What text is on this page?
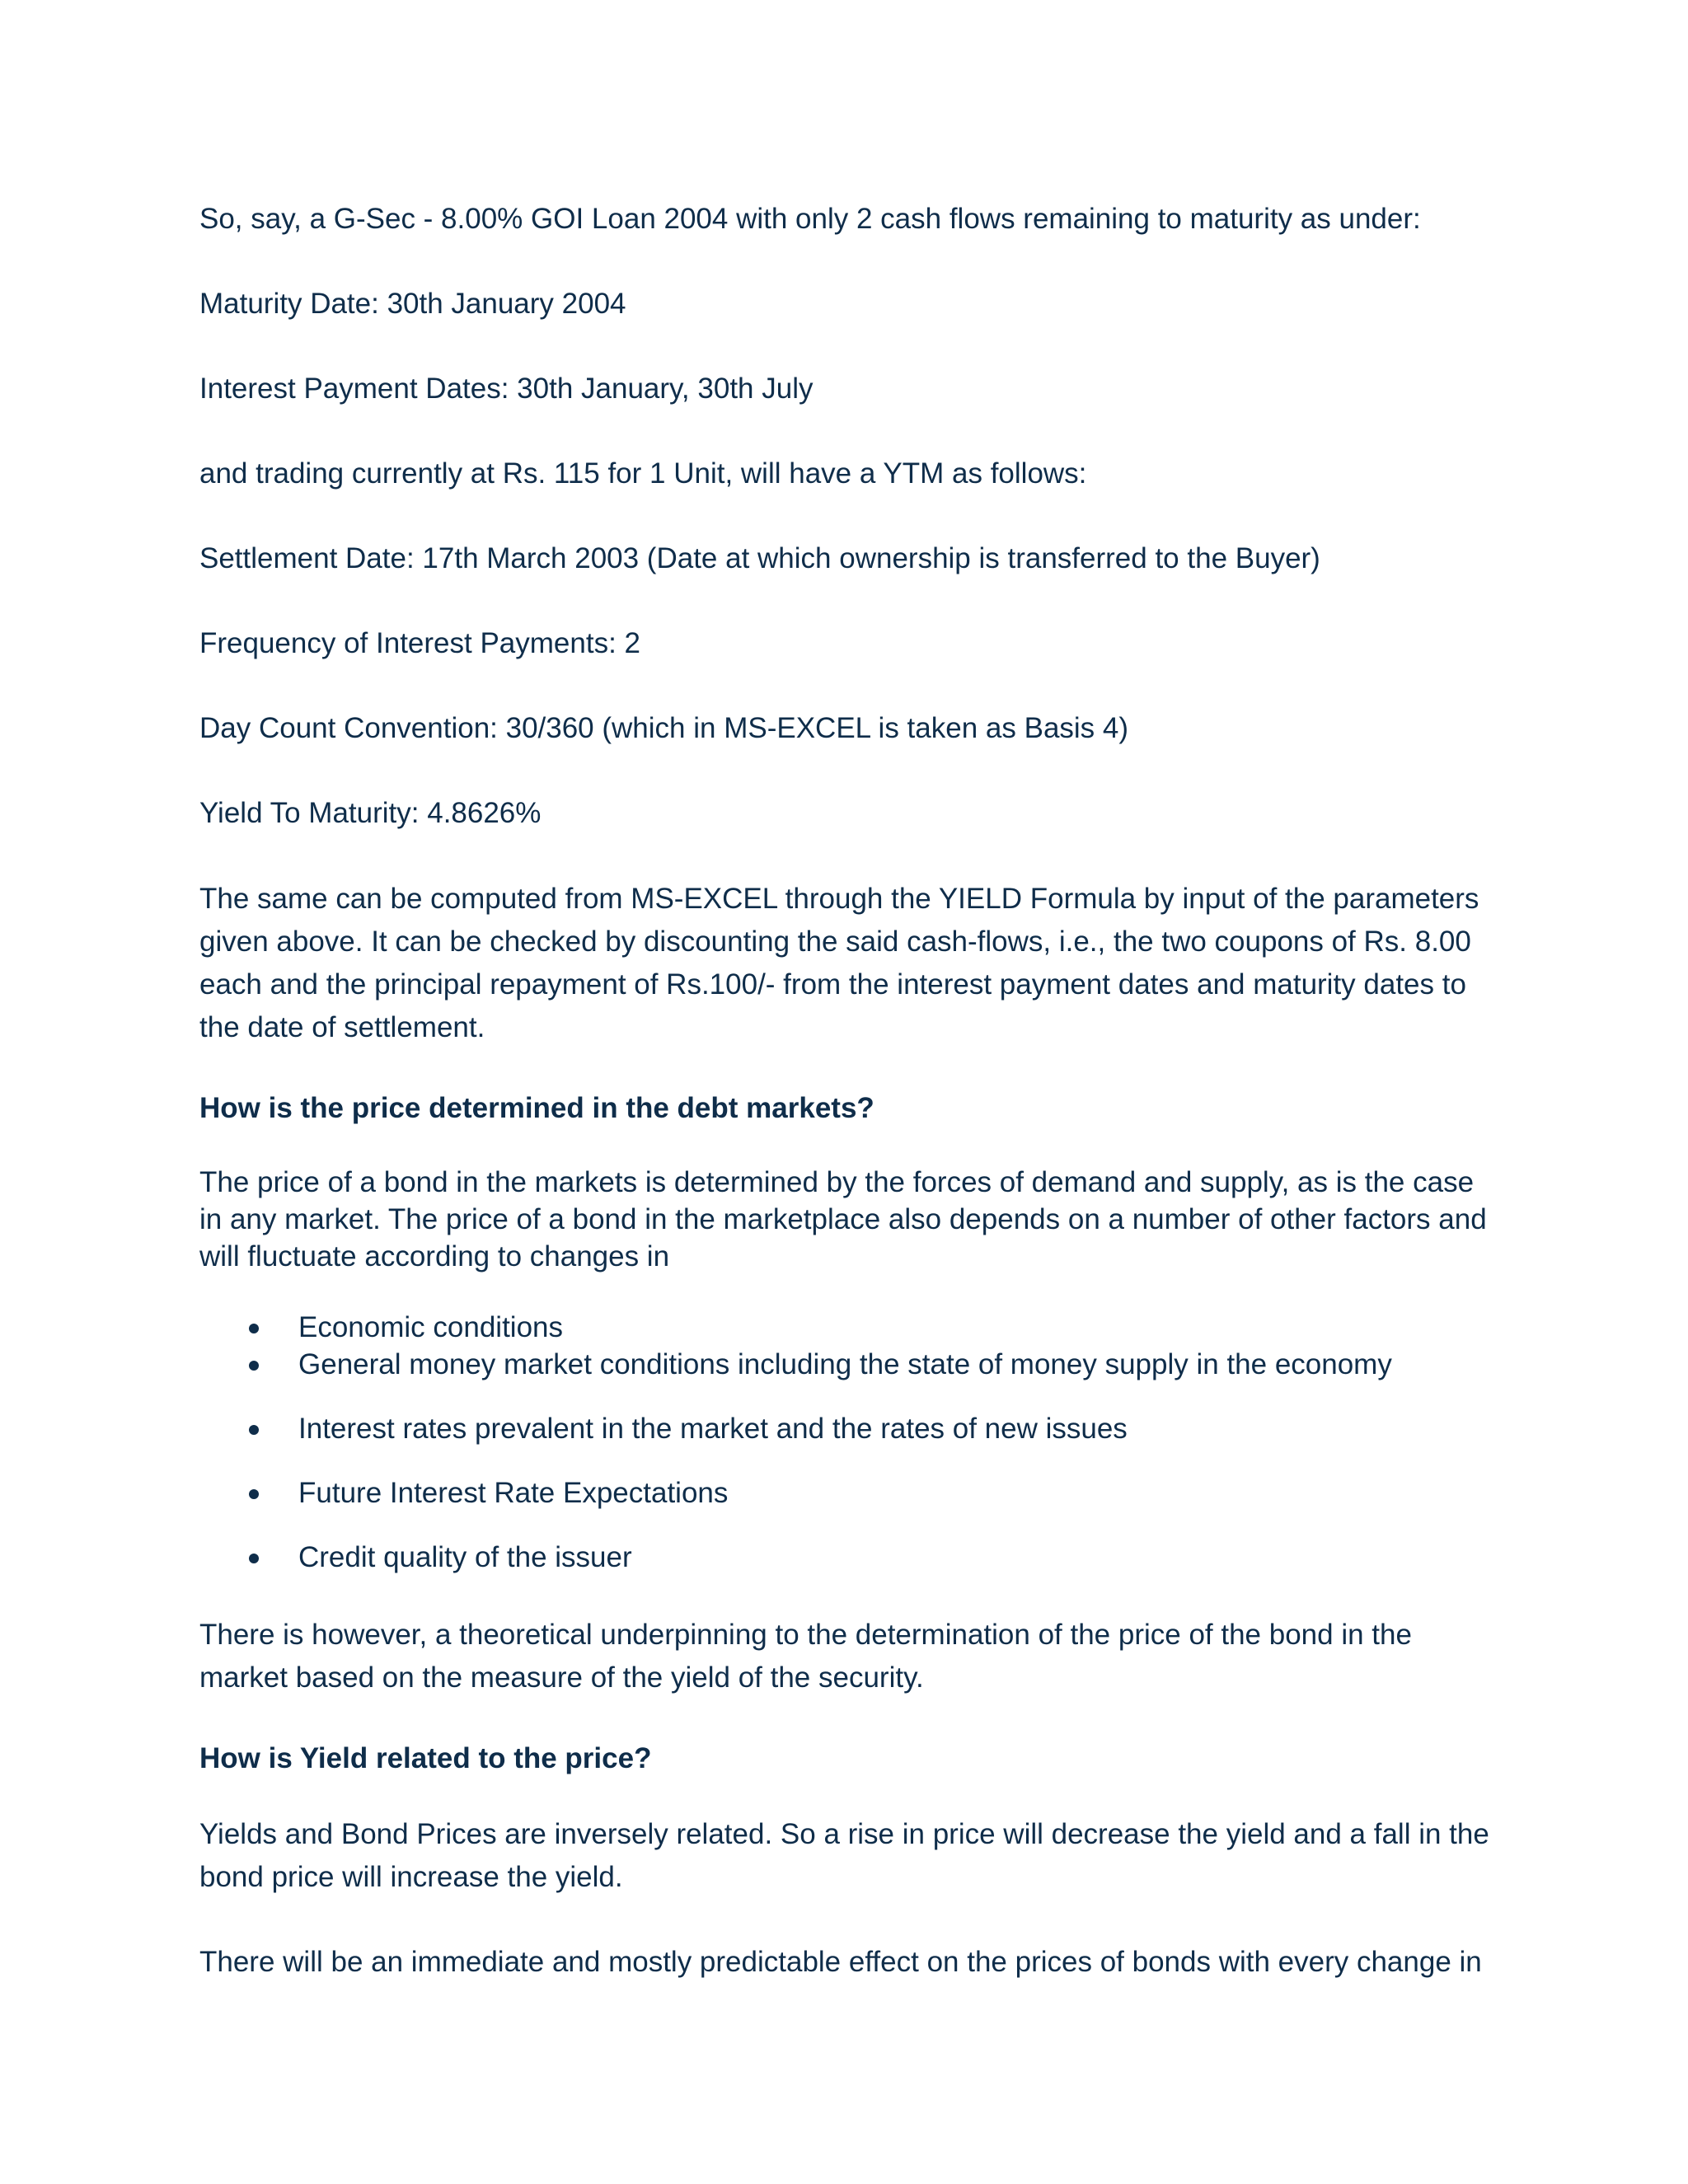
So, say, a G-Sec - 8.00% GOI Loan 2004 with only 2 cash flows remaining to maturity as under:

Maturity Date: 30th January 2004

Interest Payment Dates: 30th January, 30th July

and trading currently at Rs. 115 for 1 Unit, will have a YTM as follows:

Settlement Date: 17th March 2003 (Date at which ownership is transferred to the Buyer)

Frequency of Interest Payments: 2

Day Count Convention: 30/360 (which in MS-EXCEL is taken as Basis 4)

Yield To Maturity: 4.8626%

The same can be computed from MS-EXCEL through the YIELD Formula by input of the parameters given above. It can be checked by discounting the said cash-flows, i.e., the two coupons of Rs. 8.00 each and the principal repayment of Rs.100/- from the interest payment dates and maturity dates to the date of settlement.

How is the price determined in the debt markets?

The price of a bond in the markets is determined by the forces of demand and supply, as is the case in any market. The price of a bond in the marketplace also depends on a number of other factors and will fluctuate according to changes in

Economic conditions
General money market conditions including the state of money supply in the economy
Interest rates prevalent in the market and the rates of new issues
Future Interest Rate Expectations
Credit quality of the issuer

There is however, a theoretical underpinning to the determination of the price of the bond in the market based on the measure of the yield of the security.

How is Yield related to the price?

Yields and Bond Prices are inversely related. So a rise in price will decrease the yield and a fall in the bond price will increase the yield.

There will be an immediate and mostly predictable effect on the prices of bonds with every change in
